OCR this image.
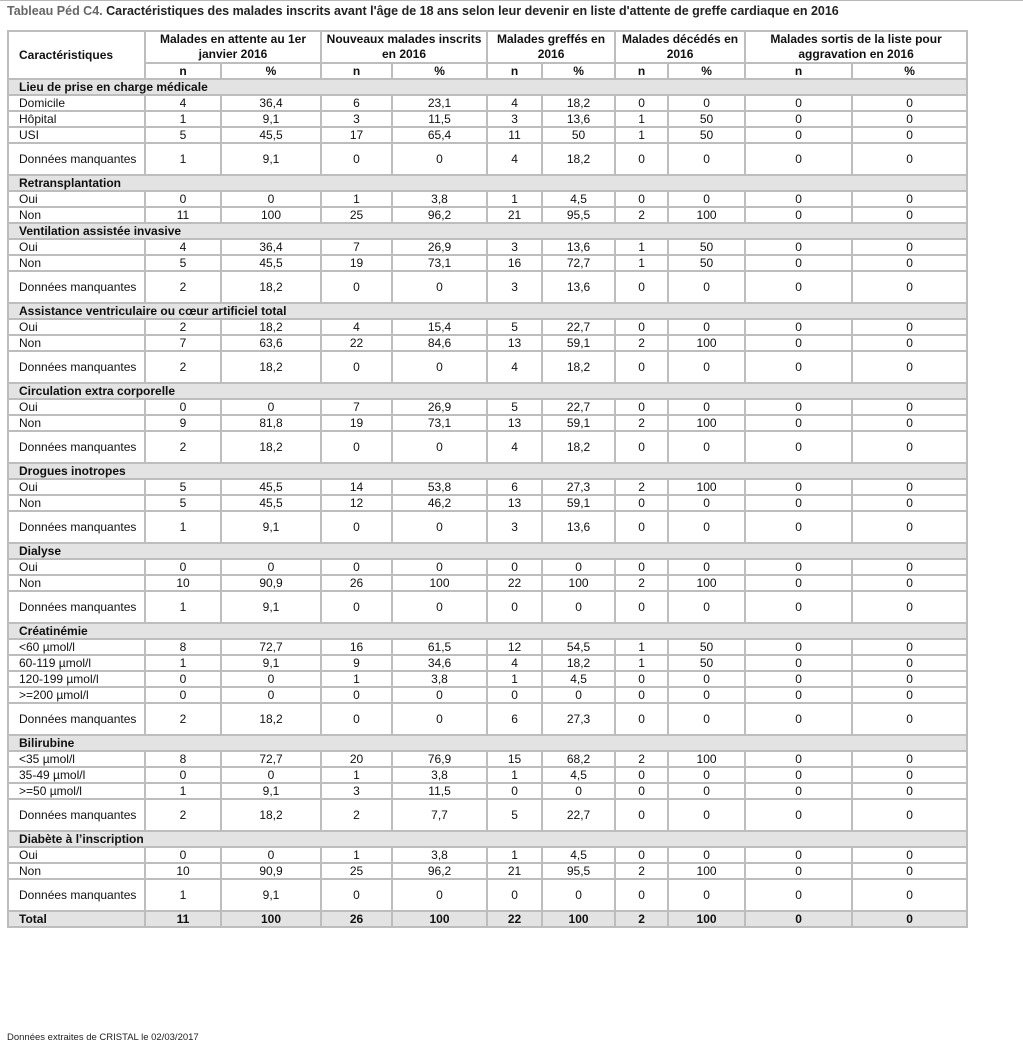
Tableau Péd C4. Caractéristiques des malades inscrits avant l'âge de 18 ans selon leur devenir en liste d'attente de greffe cardiaque en 2016
Caractéristiques	Malades en attente au 1er janvier 2016		Nouveaux malades inscrits en 2016		Malades greffés en 2016		Malades décédés en 2016		Malades sortis de la liste pour aggravation en 2016	
	n	%	n	%	n	%	n	%	n	%
Lieu de prise en charge médicale										
Domicile	4	36,4	6	23,1	4	18,2	0	0	0	0
Hôpital	1	9,1	3	11,5	3	13,6	1	50	0	0
USI	5	45,5	17	65,4	11	50	1	50	0	0
Données manquantes	1	9,1	0	0	4	18,2	0	0	0	0
Retransplantation										
Oui	0	0	1	3,8	1	4,5	0	0	0	0
Non	11	100	25	96,2	21	95,5	2	100	0	0
Ventilation assistée invasive										
Oui	4	36,4	7	26,9	3	13,6	1	50	0	0
Non	5	45,5	19	73,1	16	72,7	1	50	0	0
Données manquantes	2	18,2	0	0	3	13,6	0	0	0	0
Assistance ventriculaire ou cœur artificiel total										
Oui	2	18,2	4	15,4	5	22,7	0	0	0	0
Non	7	63,6	22	84,6	13	59,1	2	100	0	0
Données manquantes	2	18,2	0	0	4	18,2	0	0	0	0
Circulation extra corporelle										
Oui	0	0	7	26,9	5	22,7	0	0	0	0
Non	9	81,8	19	73,1	13	59,1	2	100	0	0
Données manquantes	2	18,2	0	0	4	18,2	0	0	0	0
Drogues inotropes										
Oui	5	45,5	14	53,8	6	27,3	2	100	0	0
Non	5	45,5	12	46,2	13	59,1	0	0	0	0
Données manquantes	1	9,1	0	0	3	13,6	0	0	0	0
Dialyse										
Oui	0	0	0	0	0	0	0	0	0	0
Non	10	90,9	26	100	22	100	2	100	0	0
Données manquantes	1	9,1	0	0	0	0	0	0	0	0
Créatinémie										
<60 µmol/l	8	72,7	16	61,5	12	54,5	1	50	0	0
60-119 µmol/l	1	9,1	9	34,6	4	18,2	1	50	0	0
120-199 µmol/l	0	0	1	3,8	1	4,5	0	0	0	0
>=200 µmol/l	0	0	0	0	0	0	0	0	0	0
Données manquantes	2	18,2	0	0	6	27,3	0	0	0	0
Bilirubine										
<35 µmol/l	8	72,7	20	76,9	15	68,2	2	100	0	0
35-49 µmol/l	0	0	1	3,8	1	4,5	0	0	0	0
>=50 µmol/l	1	9,1	3	11,5	0	0	0	0	0	0
Données manquantes	2	18,2	2	7,7	5	22,7	0	0	0	0
Diabète à l’inscription										
Oui	0	0	1	3,8	1	4,5	0	0	0	0
Non	10	90,9	25	96,2	21	95,5	2	100	0	0
Données manquantes	1	9,1	0	0	0	0	0	0	0	0
Total	11	100	26	100	22	100	2	100	0	0
Données extraites de CRISTAL le 02/03/2017
